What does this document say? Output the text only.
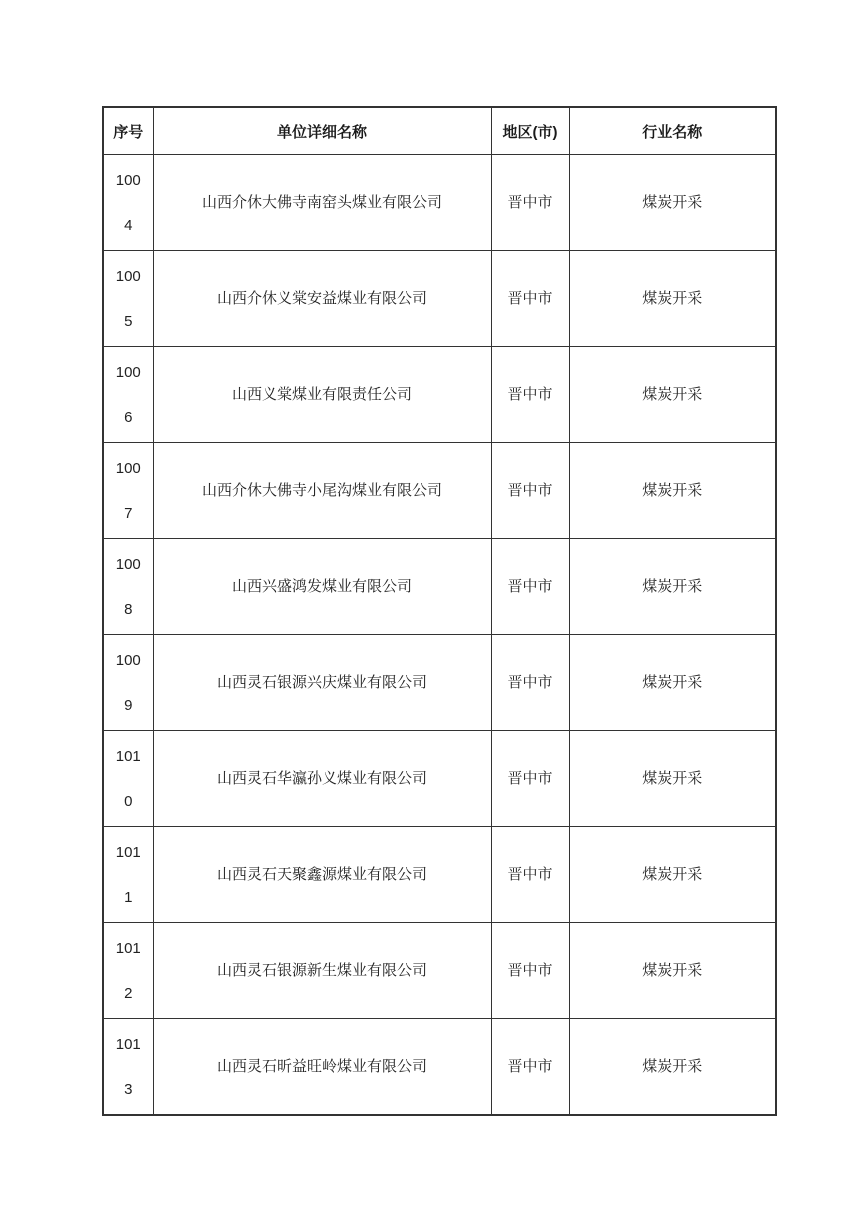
序号	单位详细名称	地区(市)	行业名称
1004	山西介休大佛寺南窑头煤业有限公司	晋中市	煤炭开采
1005	山西介休义棠安益煤业有限公司	晋中市	煤炭开采
1006	山西义棠煤业有限责任公司	晋中市	煤炭开采
1007	山西介休大佛寺小尾沟煤业有限公司	晋中市	煤炭开采
1008	山西兴盛鸿发煤业有限公司	晋中市	煤炭开采
1009	山西灵石银源兴庆煤业有限公司	晋中市	煤炭开采
1010	山西灵石华瀛孙义煤业有限公司	晋中市	煤炭开采
1011	山西灵石天聚鑫源煤业有限公司	晋中市	煤炭开采
1012	山西灵石银源新生煤业有限公司	晋中市	煤炭开采
1013	山西灵石昕益旺岭煤业有限公司	晋中市	煤炭开采
